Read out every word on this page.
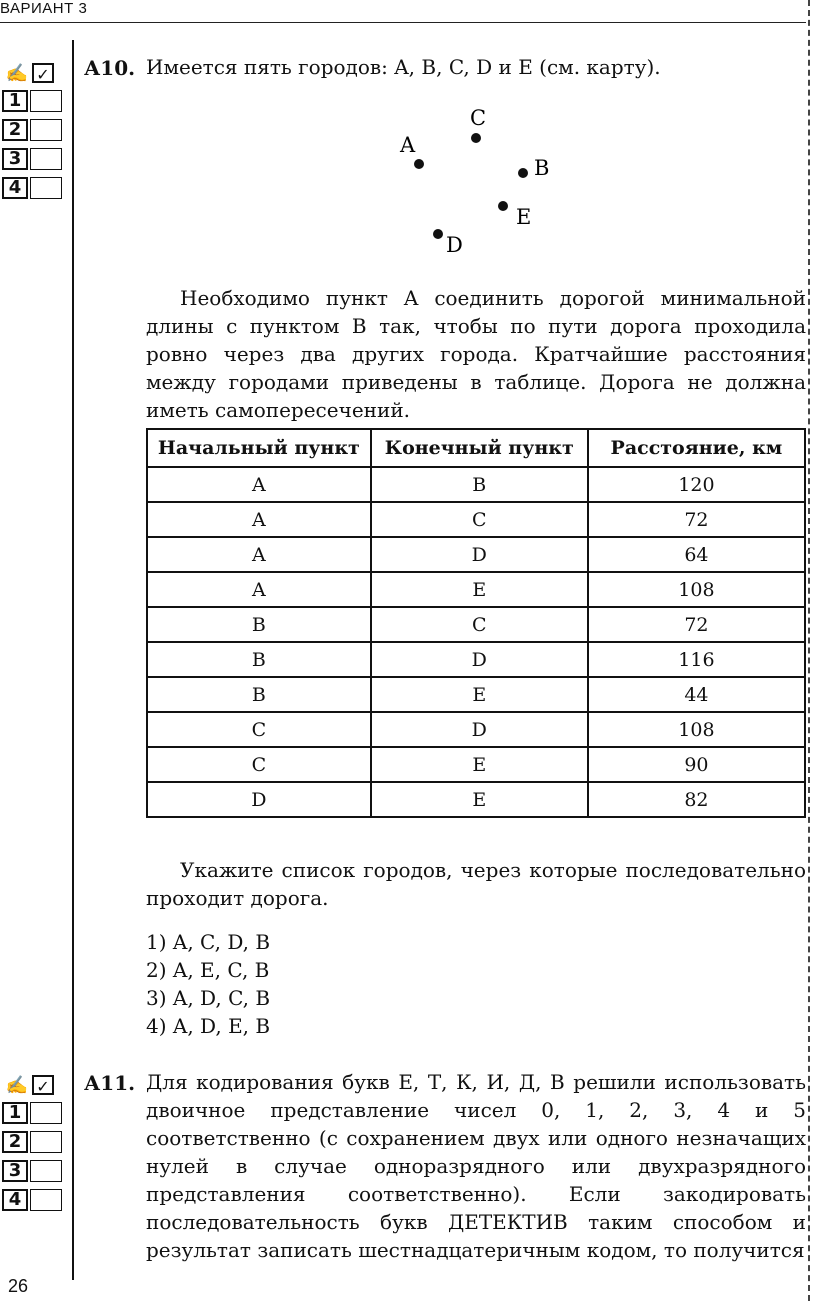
ВАРИАНТ 3
✍ ✓
1
2
3
4
А10. Имеется пять городов: A, B, C, D и E (см. карту).
A
B
C
D
E
Необходимо пункт A соединить дорогой минимальной длины с пунктом B так, чтобы по пути дорога проходила ровно через два других города. Кратчайшие расстояния между городами приведены в таблице. Дорога не должна иметь самопересечений.
Начальный пункт	Конечный пункт	Расстояние, км
A	B	120
A	C	72
A	D	64
A	E	108
B	C	72
B	D	116
B	E	44
C	D	108
C	E	90
D	E	82
Укажите список городов, через которые последовательно проходит дорога.
1) A, C, D, B
2) A, E, C, B
3) A, D, C, B
4) A, D, E, B
✍ ✓
1
2
3
4
А11. Для кодирования букв Е, Т, К, И, Д, В решили использовать двоичное представление чисел 0, 1, 2, 3, 4 и 5 соответственно (с сохранением двух или одного незначащих нулей в случае одноразрядного или двухразрядного представления соответственно). Если закодировать последовательность букв ДЕТЕКТИВ таким способом и результат записать шестнадцатеричным кодом, то получится
26
